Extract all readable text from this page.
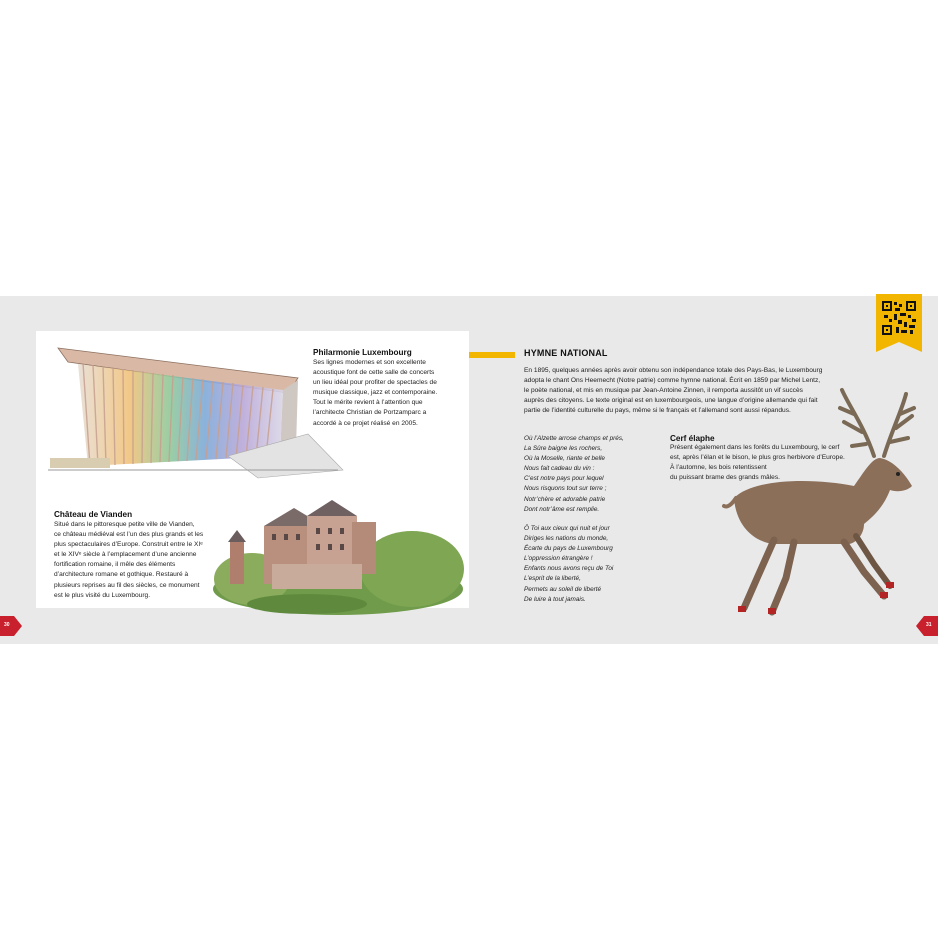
Philarmonie Luxembourg

Ses lignes modernes et son excellente

acoustique font de cette salle de concerts

un lieu idéal pour profiter de spectacles de

musique classique, jazz et contemporaine.

Tout le mérite revient à l’attention que

l’architecte Christian de Portzamparc a

accordé à ce projet réalisé en 2005.

Château de Vianden

Situé dans le pittoresque petite ville de Vianden,

ce château médiéval est l’un des plus grands et les

plus spectaculaires d’Europe. Construit entre le XIᵉ

et le XIVᵉ siècle à l’emplacement d’une ancienne

fortification romaine, il mêle des éléments

d’architecture romane et gothique. Restauré à

plusieurs reprises au fil des siècles, ce monument

est le plus visité du Luxembourg.

30
HYMNE NATIONAL

En 1895, quelques années après avoir obtenu son indépendance totale des Pays-Bas, le Luxembourg

adopta le chant Ons Heemecht (Notre patrie) comme hymne national. Écrit en 1859 par Michel Lentz,

le poète national, et mis en musique par Jean-Antoine Zinnen, il remporta aussitôt un vif succès

auprès des citoyens. Le texte original est en luxembourgeois, une langue d’origine allemande qui fait

partie de l’identité culturelle du pays, même si le français et l’allemand sont aussi répandus.

Où l’Alzette arrose champs et prés,
La Sûre baigne les rochers,
Où la Moselle, riante et belle
Nous fait cadeau du vin :
C’est notre pays pour lequel
Nous risquons tout sur terre ;
Notr’chère et adorable patrie
Dont notr’âme est remplie.
Ô Toi aux cieux qui nuit et jour
Diriges les nations du monde,
Écarte du pays de Luxembourg
L’oppression étrangère !
Enfants nous avons reçu de Toi
L’esprit de la liberté,
Permets au soleil de liberté
De luire à tout jamais.
Cerf élaphe

Présent également dans les forêts du Luxembourg, le cerf

est, après l’élan et le bison, le plus gros herbivore d’Europe.

À l’automne, les bois retentissent

du puissant brame des grands mâles.

31
